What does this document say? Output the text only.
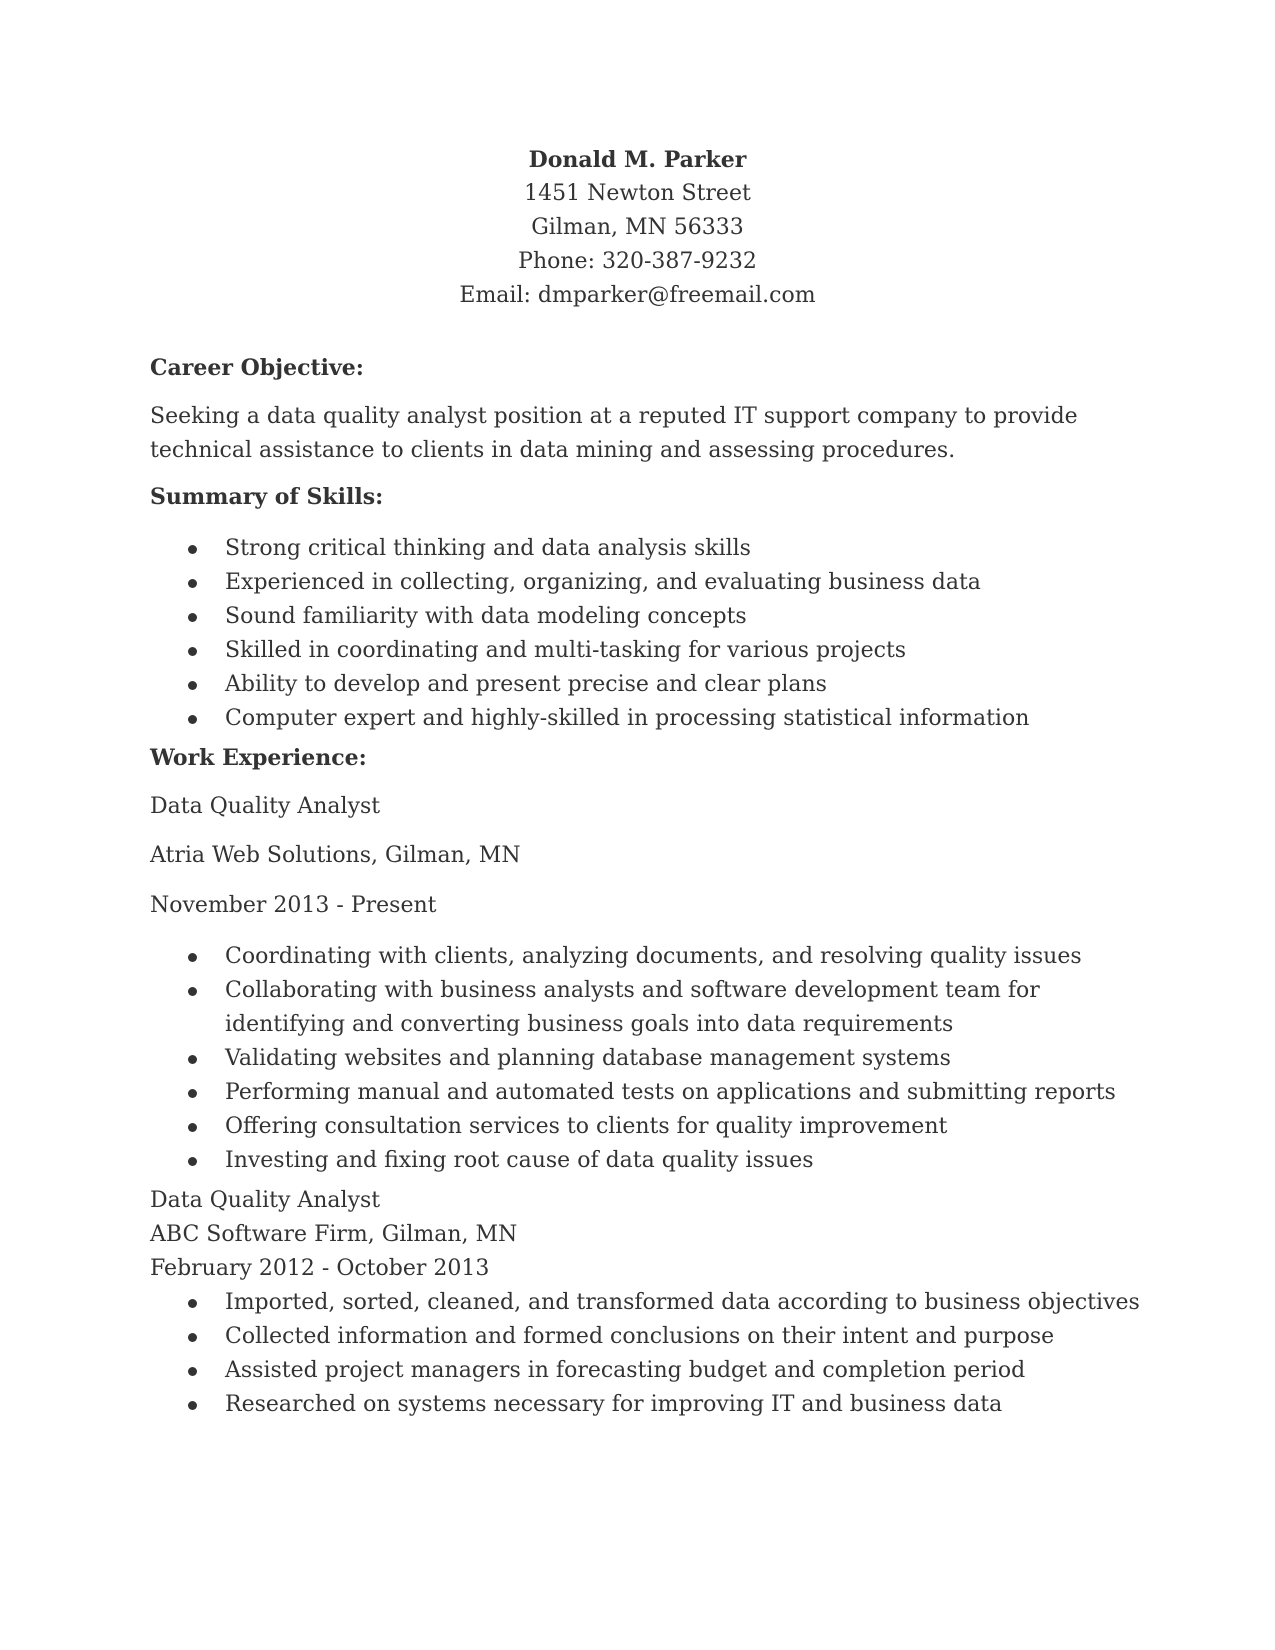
Donald M. Parker
1451 Newton Street
Gilman, MN 56333
Phone: 320-387-9232
Email: dmparker@freemail.com
Career Objective:
Seeking a data quality analyst position at a reputed IT support company to provide
technical assistance to clients in data mining and assessing procedures.
Summary of Skills:
Strong critical thinking and data analysis skills
Experienced in collecting, organizing, and evaluating business data
Sound familiarity with data modeling concepts
Skilled in coordinating and multi-tasking for various projects
Ability to develop and present precise and clear plans
Computer expert and highly-skilled in processing statistical information
Work Experience:
Data Quality Analyst
Atria Web Solutions, Gilman, MN
November 2013 - Present
Coordinating with clients, analyzing documents, and resolving quality issues
Collaborating with business analysts and software development team for
identifying and converting business goals into data requirements
Validating websites and planning database management systems
Performing manual and automated tests on applications and submitting reports
Offering consultation services to clients for quality improvement
Investing and fixing root cause of data quality issues
Data Quality Analyst
ABC Software Firm, Gilman, MN
February 2012 - October 2013
Imported, sorted, cleaned, and transformed data according to business objectives
Collected information and formed conclusions on their intent and purpose
Assisted project managers in forecasting budget and completion period
Researched on systems necessary for improving IT and business data
